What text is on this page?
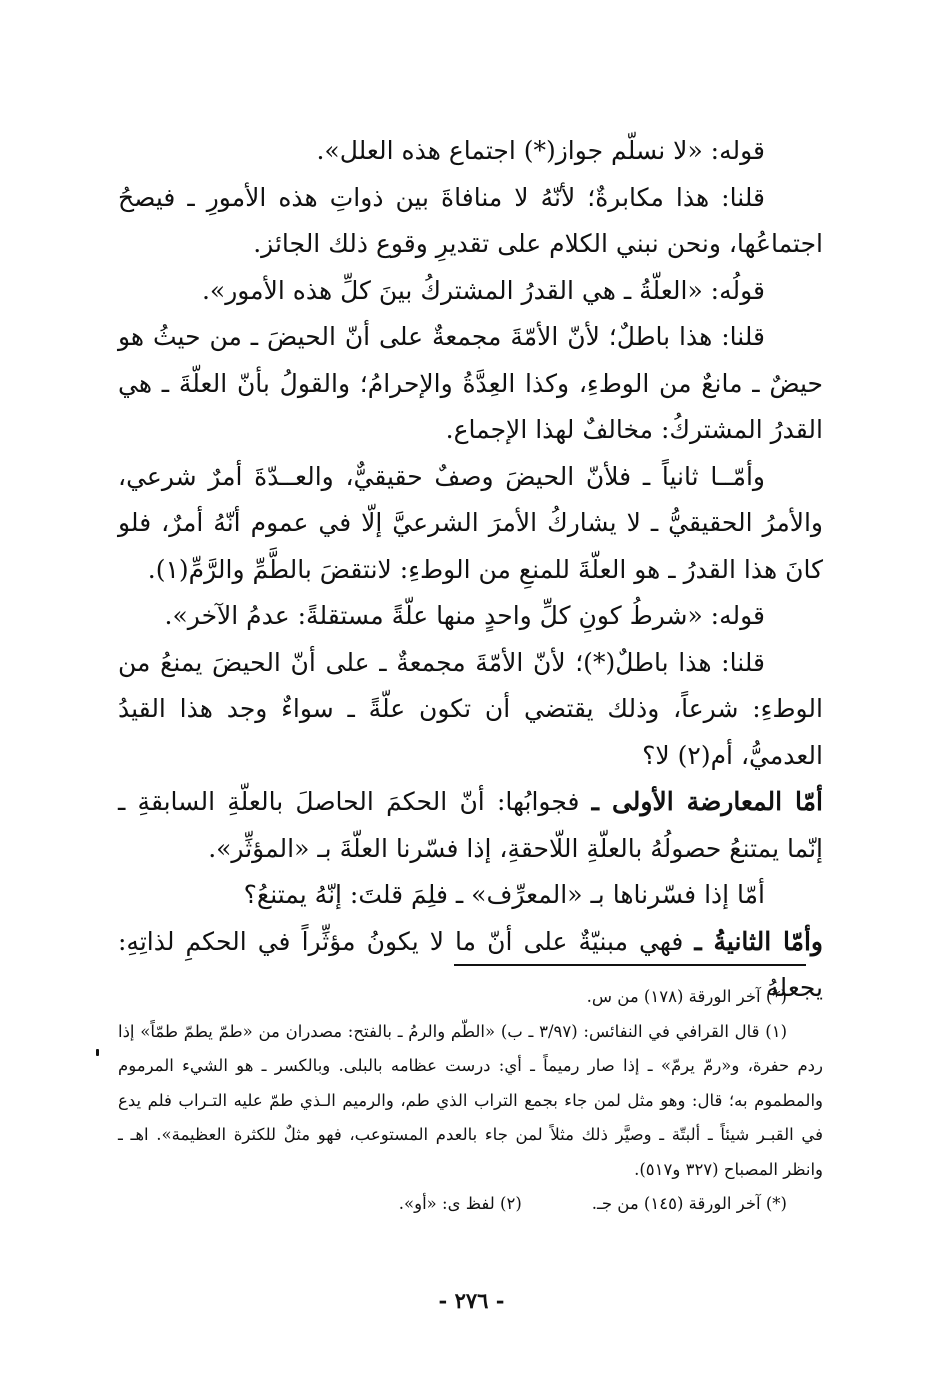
قوله: «لا نسلّم جواز(*) اجتماع هذه العلل».

قلنا: هذا مكابرةٌ؛ لأنّهُ لا منافاةَ بين ذواتِ هذه الأمورِ ـ فيصحُ اجتماعُها، ونحن نبني الكلام على تقديرِ وقوع ذلك الجائز.

قولُه: «العلّةُ ـ هي القدرُ المشتركُ بينَ كلِّ هذه الأمور».

قلنا: هذا باطلٌ؛ لأنّ الأمّةَ مجمعةٌ على أنّ الحيضَ ـ من حيثُ هو حيضٌ ـ مانعٌ من الوطءِ، وكذا العِدَّةُ والإحرامُ؛ والقولُ بأنّ العلّةَ ـ هي القدرُ المشتركُ: مخالفٌ لهذا الإجماع.

وأمّــا ثانياً ـ فلأنّ الحيضَ وصفٌ حقيقيٌّ، والعــدّةَ أمرٌ شرعي، والأمرُ الحقيقيُّ ـ لا يشاركُ الأمرَ الشرعيَّ إلّا في عموم أنّهُ أمرٌ، فلو كانَ هذا القدرُ ـ هو العلّةَ للمنعِ من الوطءِ: لانتقضَ بالطَّمِّ والرَّمِّ(١).

قوله: «شرطُ كونِ كلِّ واحدٍ منها علّةً مستقلةً: عدمُ الآخر».

قلنا: هذا باطلٌ(*)؛ لأنّ الأمّةَ مجمعةٌ ـ على أنّ الحيضَ يمنعُ من الوطءِ: شرعاً، وذلك يقتضي أن تكون علّةً ـ سواءٌ وجد هذا القيدُ العدميُّ، أم(٢) لا؟

أمّا المعارضة الأولى ـ فجوابُها: أنّ الحكمَ الحاصلَ بالعلّةِ السابقةِ ـ إنّما يمتنعُ حصولُهُ بالعلّةِ اللّاحقةِ، إذا فسّرنا العلّةَ بـ «المؤثِّر».

أمّا إذا فسّرناها بـ «المعرِّف» ـ فلِمَ قلتَ: إنّهُ يمتنعُ؟

وأمّا الثانيةُ ـ فهي مبنيّةٌ على أنّ ما لا يكونُ مؤثِّراً في الحكمِ لذاتِهِ: يجعلهُ

(*) آخر الورقة (١٧٨) من س.

(١) قال القرافي في النفائس: (٣/٩٧ ـ ب) «الطّم والرمُ ـ بالفتح: مصدران من «طمّ يطمّ طمّاً» إذا ردم حفرة، و«رمّ يرمّ» ـ إذا صار رميماً ـ أي: درست عظامه بالبلى. وبالكسر ـ هو الشيء المرموم والمطموم به؛ قال: وهو مثل لمن جاء بجمع التراب الذي طم، والرميم الـذي طمّ عليه التـراب فلم يدع في القبـر شيئاً ـ ألبتّة ـ وصيَّر ذلك مثلاً لمن جاء بالعدم المستوعب، فهو مثلٌ للكثرة العظيمة». اهـ ـ وانظر المصباح (٣٢٧ و٥١٧).

(*) آخر الورقة (١٤٥) من جـ.

(٢) لفظ ى: «أو».

- ٢٧٦ -
